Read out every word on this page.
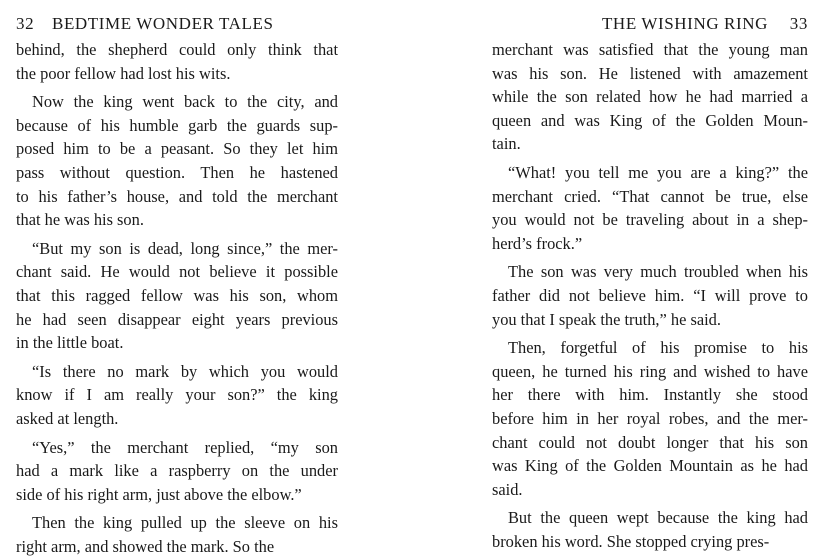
32 BEDTIME WONDER TALES
behind, the shepherd could only think that
the poor fellow had lost his wits.
Now the king went back to the city, and
because of his humble garb the guards sup-
posed him to be a peasant. So they let him
pass without question. Then he hastened
to his father’s house, and told the merchant
that he was his son.
“But my son is dead, long since,” the mer-
chant said. He would not believe it possible
that this ragged fellow was his son, whom
he had seen disappear eight years previous
in the little boat.
“Is there no mark by which you would
know if I am really your son?” the king
asked at length.
“Yes,” the merchant replied, “my son
had a mark like a raspberry on the under
side of his right arm, just above the elbow.”
Then the king pulled up the sleeve on his
right arm, and showed the mark. So the
THE WISHING RING 33
merchant was satisfied that the young man
was his son. He listened with amazement
while the son related how he had married a
queen and was King of the Golden Moun-
tain.
“What! you tell me you are a king?” the
merchant cried. “That cannot be true, else
you would not be traveling about in a shep-
herd’s frock.”
The son was very much troubled when his
father did not believe him. “I will prove to
you that I speak the truth,” he said.
Then, forgetful of his promise to his
queen, he turned his ring and wished to have
her there with him. Instantly she stood
before him in her royal robes, and the mer-
chant could not doubt longer that his son
was King of the Golden Mountain as he had
said.
But the queen wept because the king had
broken his word. She stopped crying pres-
